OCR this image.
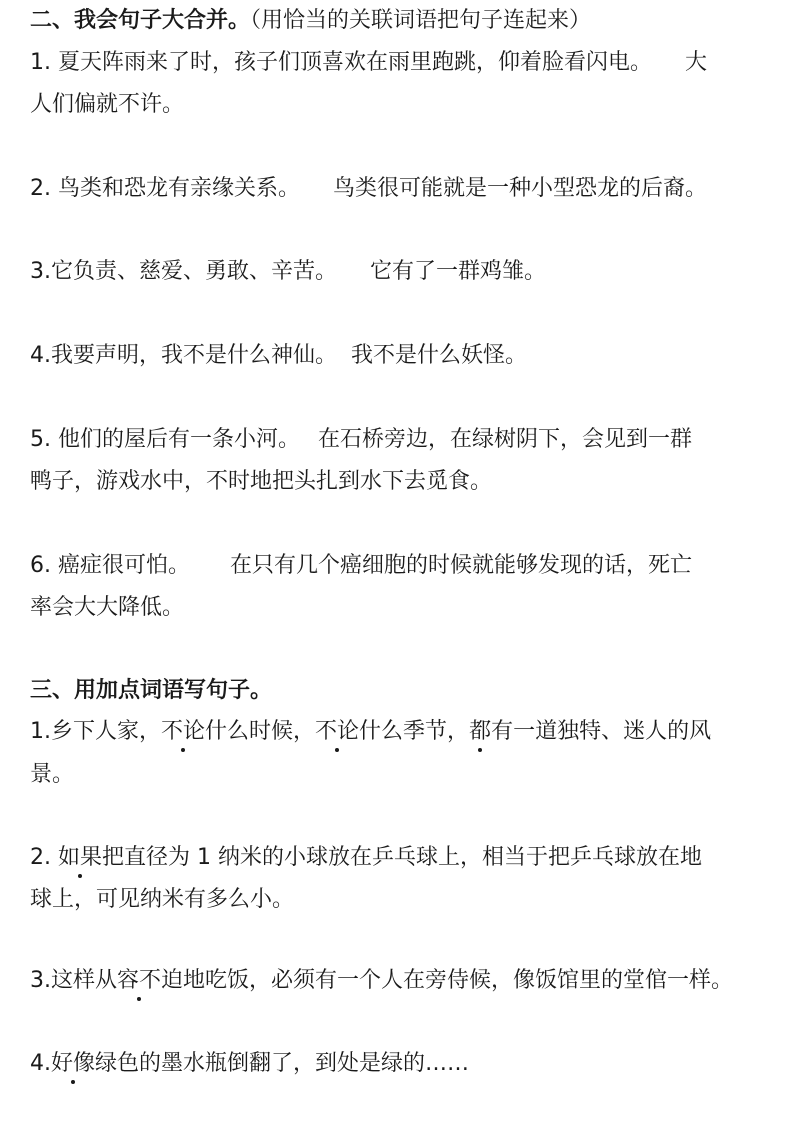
二、我会句子大合并。（用恰当的关联词语把句子连起来）
1. 夏天阵雨来了时，孩子们顶喜欢在雨里跑跳，仰着脸看闪电。　　大
人们偏就不许。
2. 鸟类和恐龙有亲缘关系。　　鸟类很可能就是一种小型恐龙的后裔。
3.它负责、慈爱、勇敢、辛苦。　　它有了一群鸡雏。
4.我要声明，我不是什么神仙。  我不是什么妖怪。
5. 他们的屋后有一条小河。　 在石桥旁边，在绿树阴下，会见到一群
鸭子，游戏水中，不时地把头扎到水下去觅食。
6. 癌症很可怕。　　 在只有几个癌细胞的时候就能够发现的话，死亡
率会大大降低。
三、用加点词语写句子。
1.乡下人家，不论什么时候，不论什么季节，都有一道独特、迷人的风
景。
2. 如果把直径为 1 纳米的小球放在乒乓球上，相当于把乒乓球放在地
球上，可见纳米有多么小。
3.这样从容不迫地吃饭，必须有一个人在旁侍候，像饭馆里的堂倌一样。
4.好像绿色的墨水瓶倒翻了，到处是绿的……
